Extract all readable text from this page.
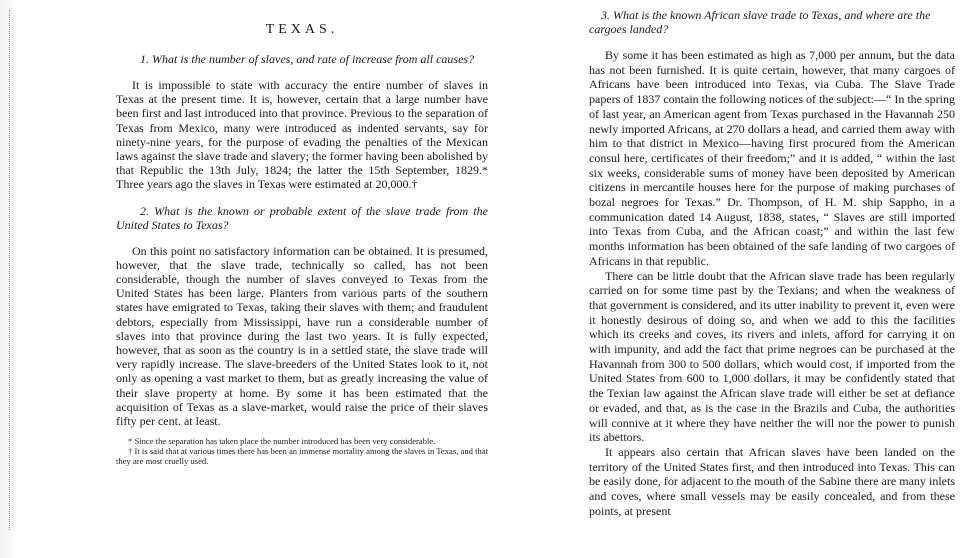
TEXAS.
1. What is the number of slaves, and rate of increase from all causes?

It is impossible to state with accuracy the entire number of slaves in Texas at the present time. It is, however, certain that a large number have been first and last introduced into that province. Previous to the separation of Texas from Mexico, many were introduced as indented servants, say for ninety-nine years, for the purpose of evading the penalties of the Mexican laws against the slave trade and slavery; the former having been abolished by that Republic the 13th July, 1824; the latter the 15th September, 1829.* Three years ago the slaves in Texas were estimated at 20,000.†

2. What is the known or probable extent of the slave trade from the United States to Texas?

On this point no satisfactory information can be obtained. It is presumed, however, that the slave trade, technically so called, has not been considerable, though the number of slaves conveyed to Texas from the United States has been large. Planters from various parts of the southern states have emigrated to Texas, taking their slaves with them; and fraudulent debtors, especially from Mississippi, have run a considerable number of slaves into that province during the last two years. It is fully expected, however, that as soon as the country is in a settled state, the slave trade will very rapidly increase. The slave-breeders of the United States look to it, not only as opening a vast market to them, but as greatly increasing the value of their slave property at home. By some it has been estimated that the acquisition of Texas as a slave-market, would raise the price of their slaves fifty per cent. at least.

* Since the separation has taken place the number introduced has been very considerable.

† It is said that at various times there has been an immense mortality among the slaves in Texas, and that they are most cruelly used.

3. What is the known African slave trade to Texas, and where are the cargoes landed?

By some it has been estimated as high as 7,000 per annum, but the data has not been furnished. It is quite certain, however, that many cargoes of Africans have been introduced into Texas, via Cuba. The Slave Trade papers of 1837 contain the following notices of the subject:—“ In the spring of last year, an American agent from Texas purchased in the Havannah 250 newly imported Africans, at 270 dollars a head, and carried them away with him to that district in Mexico—having first procured from the American consul here, certificates of their freedom;” and it is added, “ within the last six weeks, considerable sums of money have been deposited by American citizens in mercantile houses here for the purpose of making purchases of bozal negroes for Texas.” Dr. Thompson, of H. M. ship Sappho, in a communication dated 14 August, 1838, states, “ Slaves are still imported into Texas from Cuba, and the African coast;” and within the last few months information has been obtained of the safe landing of two cargoes of Africans in that republic.

There can be little doubt that the African slave trade has been regularly carried on for some time past by the Texians; and when the weakness of that government is considered, and its utter inability to prevent it, even were it honestly desirous of doing so, and when we add to this the facilities which its creeks and coves, its rivers and inlets, afford for carrying it on with impunity, and add the fact that prime negroes can be purchased at the Havannah from 300 to 500 dollars, which would cost, if imported from the United States from 600 to 1,000 dollars, it may be confidently stated that the Texian law against the African slave trade will either be set at defiance or evaded, and that, as is the case in the Brazils and Cuba, the authorities will connive at it where they have neither the will nor the power to punish its abettors.

It appears also certain that African slaves have been landed on the territory of the United States first, and then introduced into Texas. This can be easily done, for adjacent to the mouth of the Sabine there are many inlets and coves, where small vessels may be easily concealed, and from these points, at present
